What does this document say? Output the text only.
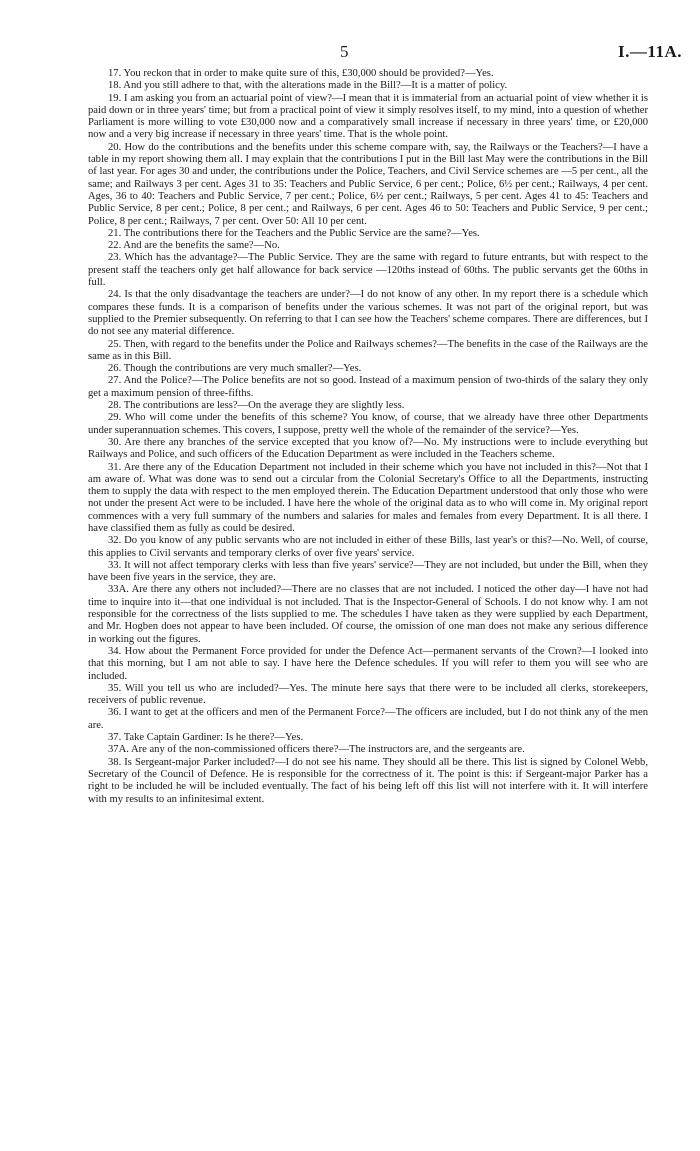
5	I.—11A.

17. You reckon that in order to make quite sure of this, £30,000 should be provided?—Yes.

18. And you still adhere to that, with the alterations made in the Bill?—It is a matter of policy.

19. I am asking you from an actuarial point of view?—I mean that it is immaterial from an actuarial point of view whether it is paid down or in three years' time; but from a practical point of view it simply resolves itself, to my mind, into a question of whether Parliament is more willing to vote £30,000 now and a comparatively small increase if necessary in three years' time, or £20,000 now and a very big increase if necessary in three years' time. That is the whole point.

20. How do the contributions and the benefits under this scheme compare with, say, the Railways or the Teachers?—I have a table in my report showing them all. I may explain that the contributions I put in the Bill last May were the contributions in the Bill of last year. For ages 30 and under, the contributions under the Police, Teachers, and Civil Service schemes are —5 per cent., all the same; and Railways 3 per cent. Ages 31 to 35: Teachers and Public Service, 6 per cent.; Police, 6½ per cent.; Railways, 4 per cent. Ages, 36 to 40: Teachers and Public Service, 7 per cent.; Police, 6½ per cent.; Railways, 5 per cent. Ages 41 to 45: Teachers and Public Service, 8 per cent.; Police, 8 per cent.; and Railways, 6 per cent. Ages 46 to 50: Teachers and Public Service, 9 per cent.; Police, 8 per cent.; Railways, 7 per cent. Over 50: All 10 per cent.

21. The contributions there for the Teachers and the Public Service are the same?—Yes.

22. And are the benefits the same?—No.

23. Which has the advantage?—The Public Service. They are the same with regard to future entrants, but with respect to the present staff the teachers only get half allowance for back service —120ths instead of 60ths. The public servants get the 60ths in full.

24. Is that the only disadvantage the teachers are under?—I do not know of any other. In my report there is a schedule which compares these funds. It is a comparison of benefits under the various schemes. It was not part of the original report, but was supplied to the Premier subsequently. On referring to that I can see how the Teachers' scheme compares. There are differences, but I do not see any material difference.

25. Then, with regard to the benefits under the Police and Railways schemes?—The benefits in the case of the Railways are the same as in this Bill.

26. Though the contributions are very much smaller?—Yes.

27. And the Police?—The Police benefits are not so good. Instead of a maximum pension of two-thirds of the salary they only get a maximum pension of three-fifths.

28. The contributions are less?—On the average they are slightly less.

29. Who will come under the benefits of this scheme? You know, of course, that we already have three other Departments under superannuation schemes. This covers, I suppose, pretty well the whole of the remainder of the service?—Yes.

30. Are there any branches of the service excepted that you know of?—No. My instructions were to include everything but Railways and Police, and such officers of the Education Department as were included in the Teachers scheme.

31. Are there any of the Education Department not included in their scheme which you have not included in this?—Not that I am aware of. What was done was to send out a circular from the Colonial Secretary's Office to all the Departments, instructing them to supply the data with respect to the men employed therein. The Education Department understood that only those who were not under the present Act were to be included. I have here the whole of the original data as to who will come in. My original report commences with a very full summary of the numbers and salaries for males and females from every Department. It is all there. I have classified them as fully as could be desired.

32. Do you know of any public servants who are not included in either of these Bills, last year's or this?—No. Well, of course, this applies to Civil servants and temporary clerks of over five years' service.

33. It will not affect temporary clerks with less than five years' service?—They are not included, but under the Bill, when they have been five years in the service, they are.

33A. Are there any others not included?—There are no classes that are not included. I noticed the other day—I have not had time to inquire into it—that one individual is not included. That is the Inspector-General of Schools. I do not know why. I am not responsible for the correctness of the lists supplied to me. The schedules I have taken as they were supplied by each Department, and Mr. Hogben does not appear to have been included. Of course, the omission of one man does not make any serious difference in working out the figures.

34. How about the Permanent Force provided for under the Defence Act—permanent servants of the Crown?—I looked into that this morning, but I am not able to say. I have here the Defence schedules. If you will refer to them you will see who are included.

35. Will you tell us who are included?—Yes. The minute here says that there were to be included all clerks, storekeepers, receivers of public revenue.

36. I want to get at the officers and men of the Permanent Force?—The officers are included, but I do not think any of the men are.

37. Take Captain Gardiner: Is he there?—Yes.

37A. Are any of the non-commissioned officers there?—The instructors are, and the sergeants are.

38. Is Sergeant-major Parker included?—I do not see his name. They should all be there. This list is signed by Colonel Webb, Secretary of the Council of Defence. He is responsible for the correctness of it. The point is this: if Sergeant-major Parker has a right to be included he will be included eventually. The fact of his being left off this list will not interfere with it. It will interfere with my results to an infinitesimal extent.
